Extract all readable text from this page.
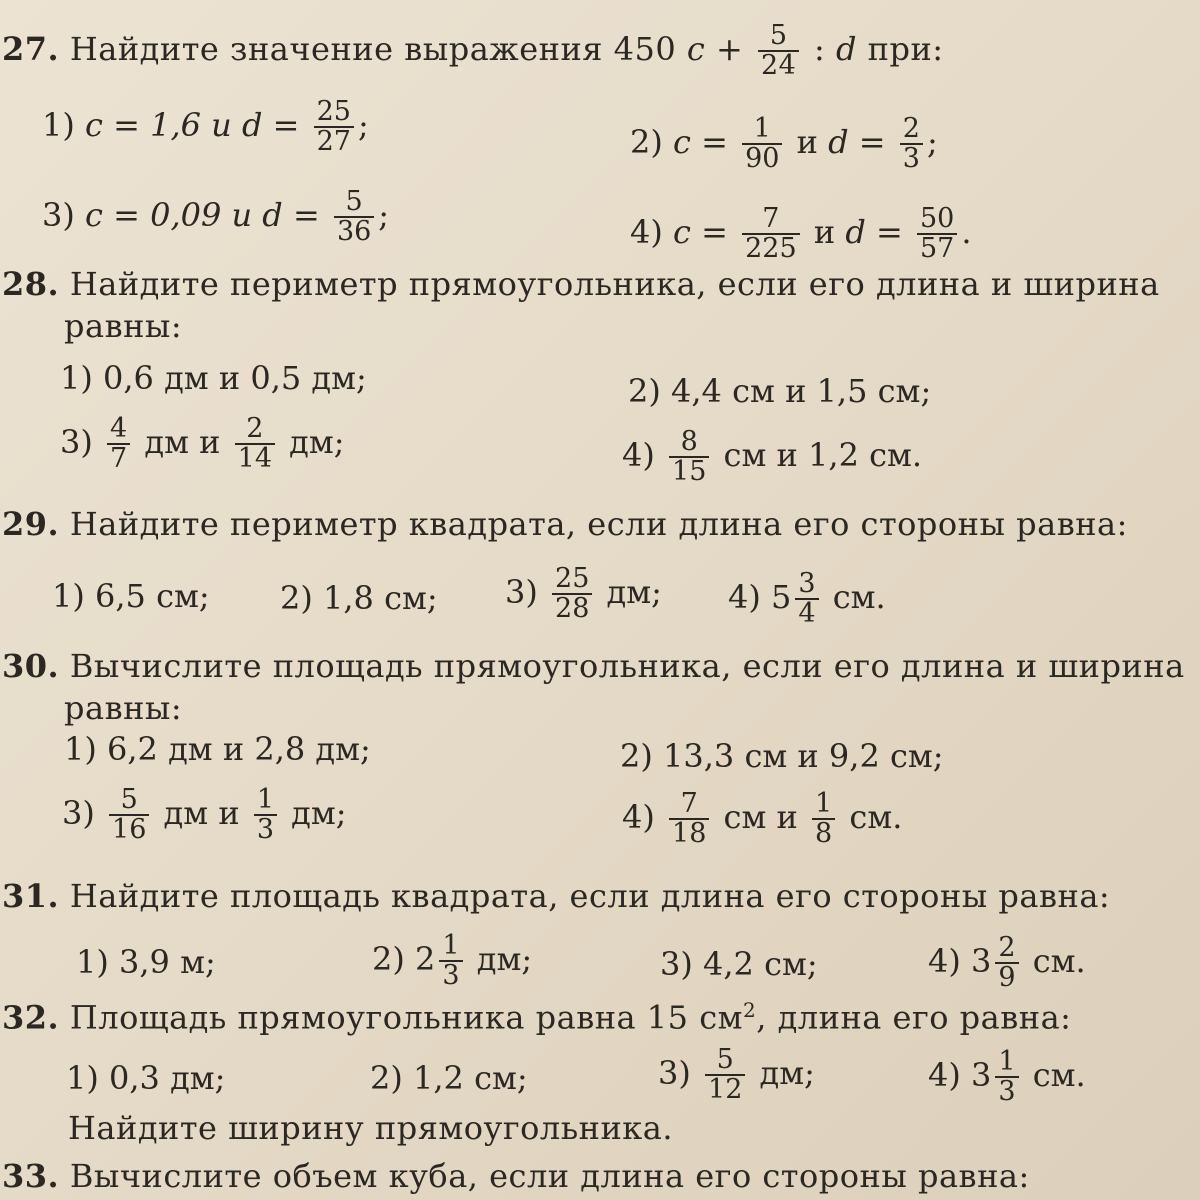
27. Найдите значение выражения 450 $c + \frac{5}{24}$ : d при:
1) c = 1,6 и $d = \frac{25}{27}$ ;	2) $c = \frac{1}{90}$ и $d = \frac{2}{3}$ ;
3) c = 0,09 и $d = \frac{5}{36}$ ;	4) $c = \frac{7}{225}$ и $d = \frac{50}{57}$ .
28. Найдите периметр прямоугольника, если его длина и ширина
равны:
1) 0,6 дм и 0,5 дм;	2) 4,4 см и 1,5 см;
$3) \frac{4}{7}$ дм и $\frac{2}{14}$ дм;	$4) \frac{8}{15}$ см и 1,2 см.
29. Найдите периметр квадрата, если длина его стороны равна:
1) 6,5 см; 2) 1,8 см; $3) \frac{25}{28}$ дм; 4) $5 \frac{3}{4}$ см.
30. Вычислите площадь прямоугольника, если его длина и ширина
равны:
1) 6,2 дм и 2,8 дм;	2) 13,3 см и 9,2 см;
$3) \frac{5}{16}$ дм и $\frac{1}{3}$ дм;	$4) \frac{7}{18}$ см и $\frac{1}{8}$ см.
31. Найдите площадь квадрата, если длина его стороны равна:
1) 3,9 м;	2) $2 \frac{1}{3}$ дм;	3) 4,2 см;	4) $3 \frac{2}{9}$ см.
32. Площадь прямоугольника равна 15 $см^2$, длина его равна:
1) 0,3 дм;	2) 1,2 см;	$3) \frac{5}{12}$ дм;	4) $3 \frac{1}{3}$ см.
Найдите ширину прямоугольника.
33. Вычислите объем куба, если длина его стороны равна:
